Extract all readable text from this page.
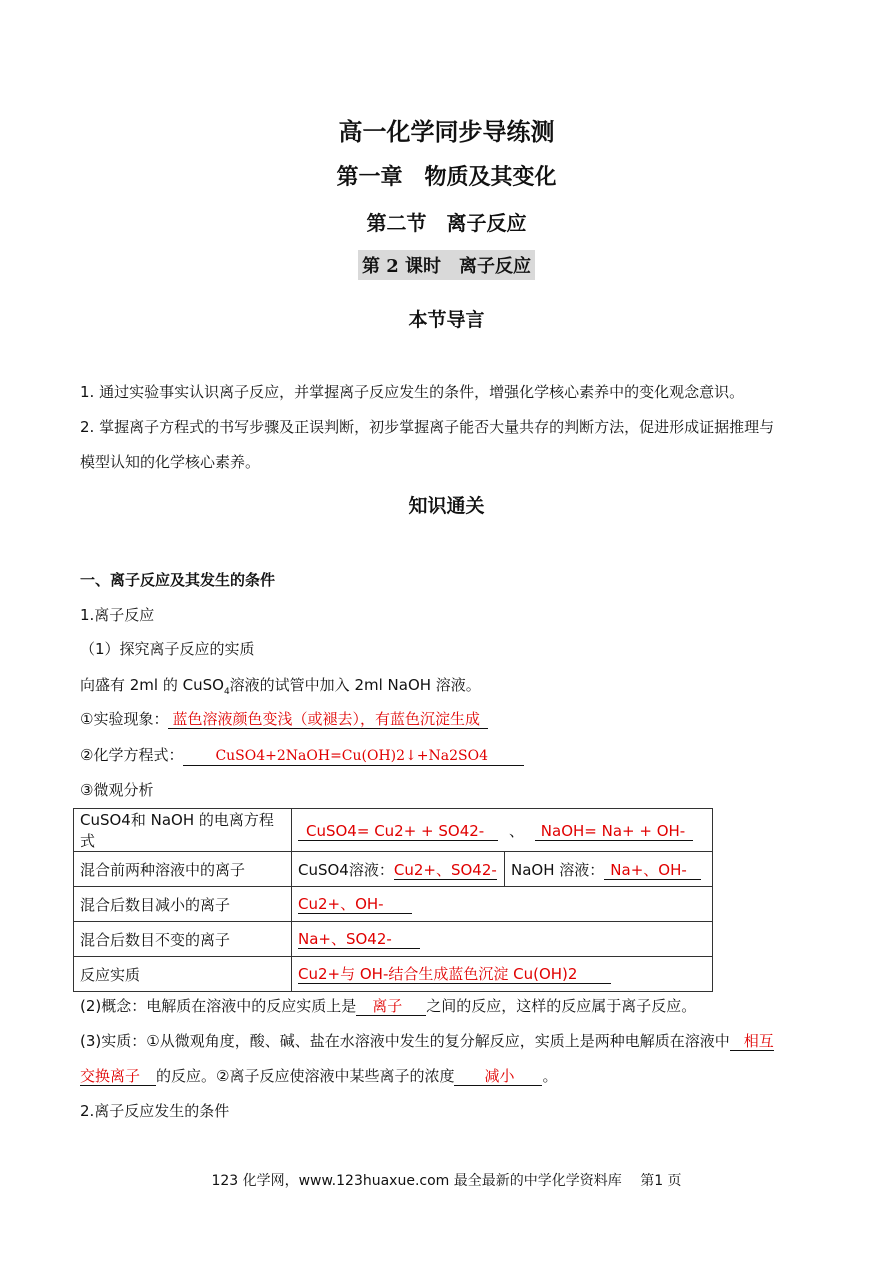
高一化学同步导练测
第一章　物质及其变化
第二节　离子反应
第 2 课时　离子反应
本节导言
1. 通过实验事实认识离子反应，并掌握离子反应发生的条件，增强化学核心素养中的变化观念意识。
2. 掌握离子方程式的书写步骤及正误判断，初步掌握离子能否大量共存的判断方法，促进形成证据推理与
模型认知的化学核心素养。
知识通关
一、离子反应及其发生的条件
1.离子反应
（1）探究离子反应的实质
向盛有 2ml 的 CuSO$_4$溶液的试管中加入 2ml NaOH 溶液。
①实验现象： 蓝色溶液颜色变浅（或褪去），有蓝色沉淀生成
②化学方程式： CuSO4+2NaOH=Cu(OH)2↓+Na2SO4
③微观分析
CuSO4和 NaOH 的电离方程式	CuSO4= Cu2+ + SO42- 、 NaOH= Na+ + OH-	
混合前两种溶液中的离子	CuSO4溶液：Cu2+、SO42-	NaOH 溶液： Na+、OH-
混合后数目减小的离子	Cu2+、OH-	
混合后数目不变的离子	Na+、SO42-	
反应实质	Cu2+与 OH-结合生成蓝色沉淀 Cu(OH)2	
(2)概念：电解质在溶液中的反应实质上是 离子 之间的反应，这样的反应属于离子反应。
(3)实质：①从微观角度，酸、碱、盐在水溶液中发生的复分解反应，实质上是两种电解质在溶液中 相互
交换离子 的反应。②离子反应使溶液中某些离子的浓度 减小 。
2.离子反应发生的条件
123 化学网，www.123huaxue.com 最全最新的中学化学资料库　 第1 页
